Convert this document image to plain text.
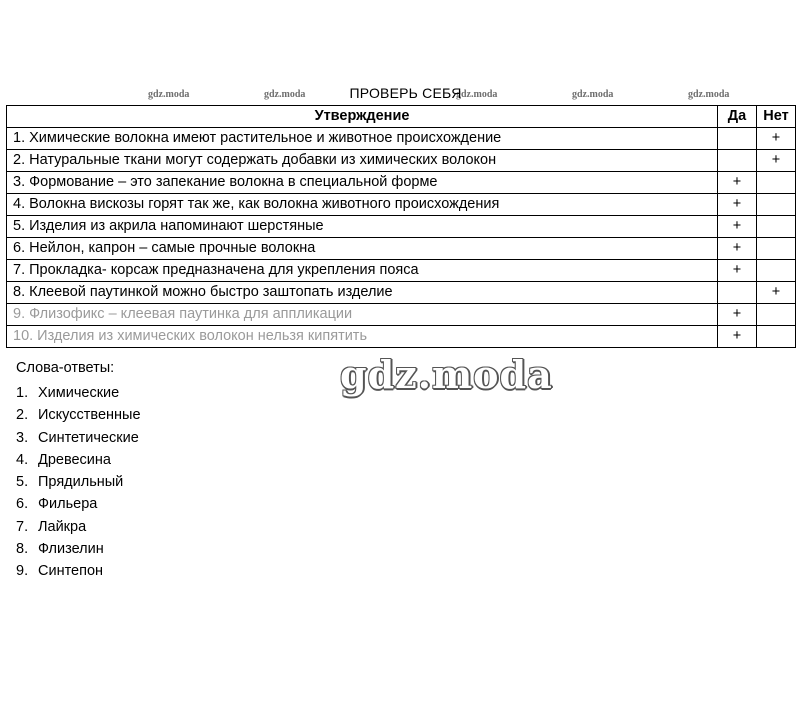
gdz.moda	gdz.moda	gdz.moda	gdz.moda	gdz.moda
ПРОВЕРЬ СЕБЯ
Утверждение	Да	Нет
1. Химические волокна имеют растительное и животное происхождение		+
2. Натуральные ткани могут содержать добавки из химических волокон		+
3. Формование – это запекание волокна в специальной форме	+	
4. Волокна вискозы горят так же, как волокна животного происхождения	+	
5. Изделия из акрила напоминают шерстяные	+	
6. Нейлон, капрон – самые прочные волокна	+	
7. Прокладка- корсаж предназначена для укрепления пояса	+	
8. Клеевой паутинкой можно быстро заштопать изделие		+
9. Флизофикс – клеевая паутинка для аппликации	+	
10. Изделия из химических волокон нельзя кипятить	+	
gdz.moda
Слова-ответы:
1. Химические
2. Искусственные
3. Синтетические
4. Древесина
5. Прядильный
6. Фильера
7. Лайкра
8. Флизелин
9. Синтепон
